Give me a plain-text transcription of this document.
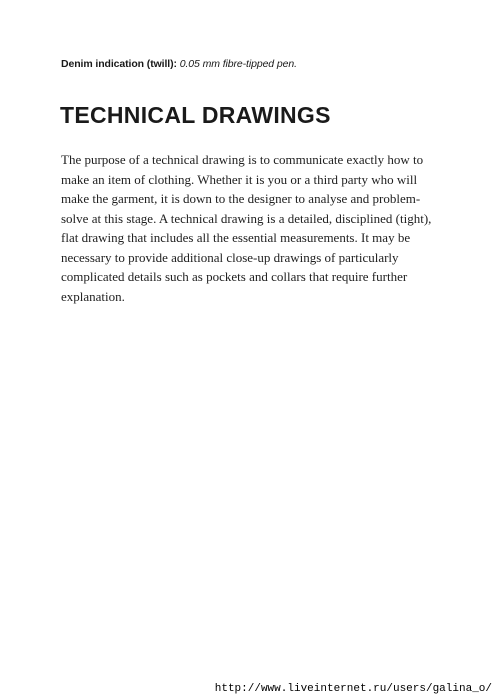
Denim indication (twill): 0.05 mm fibre-tipped pen.
TECHNICAL DRAWINGS

The purpose of a technical drawing is to communicate exactly how to
make an item of clothing. Whether it is you or a third party who will
make the garment, it is down to the designer to analyse and problem-
solve at this stage. A technical drawing is a detailed, disciplined (tight),
flat drawing that includes all the essential measurements. It may be
necessary to provide additional close-up drawings of particularly
complicated details such as pockets and collars that require further
explanation.

http://www.liveinternet.ru/users/galina_o/
